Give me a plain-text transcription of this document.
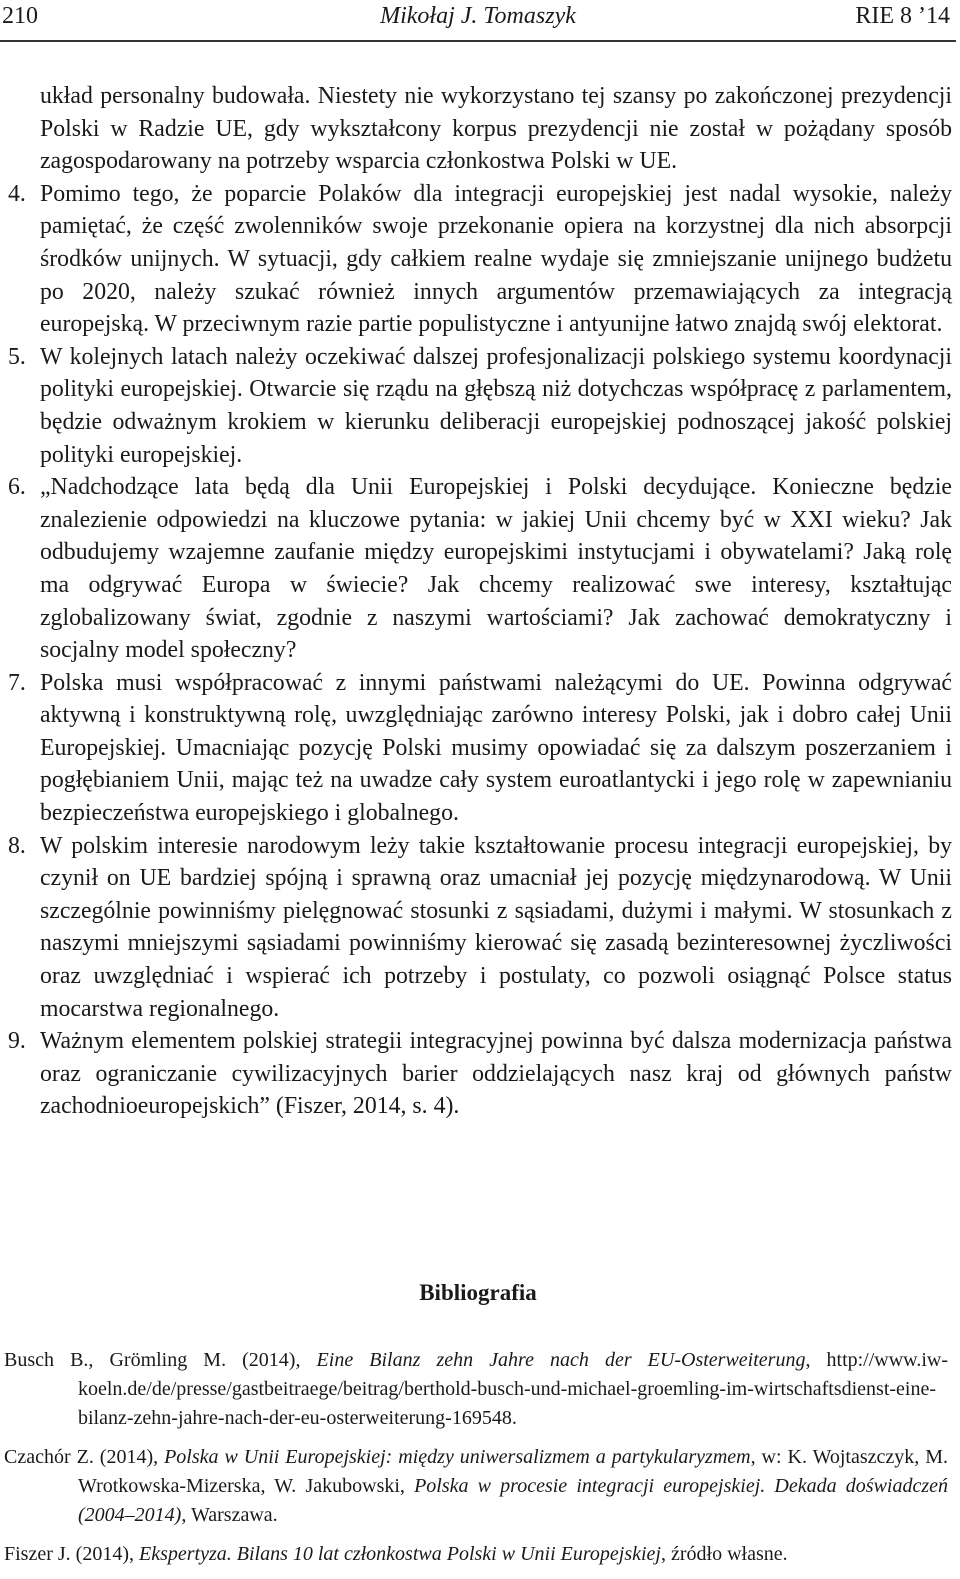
210	Mikołaj J. Tomaszyk	RIE 8 ’14

układ personalny budowała. Niestety nie wykorzystano tej szansy po zakończonej prezydencji Polski w Radzie UE, gdy wykształcony korpus prezydencji nie został w pożądany sposób zagospodarowany na potrzeby wsparcia członkostwa Polski w UE.

4. Pomimo tego, że poparcie Polaków dla integracji europejskiej jest nadal wysokie, należy pamiętać, że część zwolenników swoje przekonanie opiera na korzystnej dla nich absorpcji środków unijnych. W sytuacji, gdy całkiem realne wydaje się zmniejszanie unijnego budżetu po 2020, należy szukać również innych argumentów przemawiających za integracją europejską. W przeciwnym razie partie populistyczne i antyunijne łatwo znajdą swój elektorat.
5. W kolejnych latach należy oczekiwać dalszej profesjonalizacji polskiego systemu koordynacji polityki europejskiej. Otwarcie się rządu na głębszą niż dotychczas współpracę z parlamentem, będzie odważnym krokiem w kierunku deliberacji europejskiej podnoszącej jakość polskiej polityki europejskiej.
6. „Nadchodzące lata będą dla Unii Europejskiej i Polski decydujące. Konieczne będzie znalezienie odpowiedzi na kluczowe pytania: w jakiej Unii chcemy być w XXI wieku? Jak odbudujemy wzajemne zaufanie między europejskimi instytucjami i obywatelami? Jaką rolę ma odgrywać Europa w świecie? Jak chcemy realizować swe interesy, kształtując zglobalizowany świat, zgodnie z naszymi wartościami? Jak zachować demokratyczny i socjalny model społeczny?
7. Polska musi współpracować z innymi państwami należącymi do UE. Powinna odgrywać aktywną i konstruktywną rolę, uwzględniając zarówno interesy Polski, jak i dobro całej Unii Europejskiej. Umacniając pozycję Polski musimy opowiadać się za dalszym poszerzaniem i pogłębianiem Unii, mając też na uwadze cały system euroatlantycki i jego rolę w zapewnianiu bezpieczeństwa europejskiego i globalnego.
8. W polskim interesie narodowym leży takie kształtowanie procesu integracji europejskiej, by czynił on UE bardziej spójną i sprawną oraz umacniał jej pozycję międzynarodową. W Unii szczególnie powinniśmy pielęgnować stosunki z sąsiadami, dużymi i małymi. W stosunkach z naszymi mniejszymi sąsiadami powinniśmy kierować się zasadą bezinteresownej życzliwości oraz uwzględniać i wspierać ich potrzeby i postulaty, co pozwoli osiągnąć Polsce status mocarstwa regionalnego.
9. Ważnym elementem polskiej strategii integracyjnej powinna być dalsza modernizacja państwa oraz ograniczanie cywilizacyjnych barier oddzielających nasz kraj od głównych państw zachodnioeuropejskich” (Fiszer, 2014, s. 4).
Bibliografia
Busch B., Grömling M. (2014), Eine Bilanz zehn Jahre nach der EU-Osterweiterung, http://www.iwkoeln.de/de/presse/gastbeitraege/beitrag/berthold-busch-und-michael-groemling-im-wirtschaftsdienst-eine-bilanz-zehn-jahre-nach-der-eu-osterweiterung-169548.
Czachór Z. (2014), Polska w Unii Europejskiej: między uniwersalizmem a partykularyzmem, w: K. Wojtaszczyk, M. Wrotkowska-Mizerska, W. Jakubowski, Polska w procesie integracji europejskiej. Dekada doświadczeń (2004–2014), Warszawa.
Fiszer J. (2014), Ekspertyza. Bilans 10 lat członkostwa Polski w Unii Europejskiej, źródło własne.
